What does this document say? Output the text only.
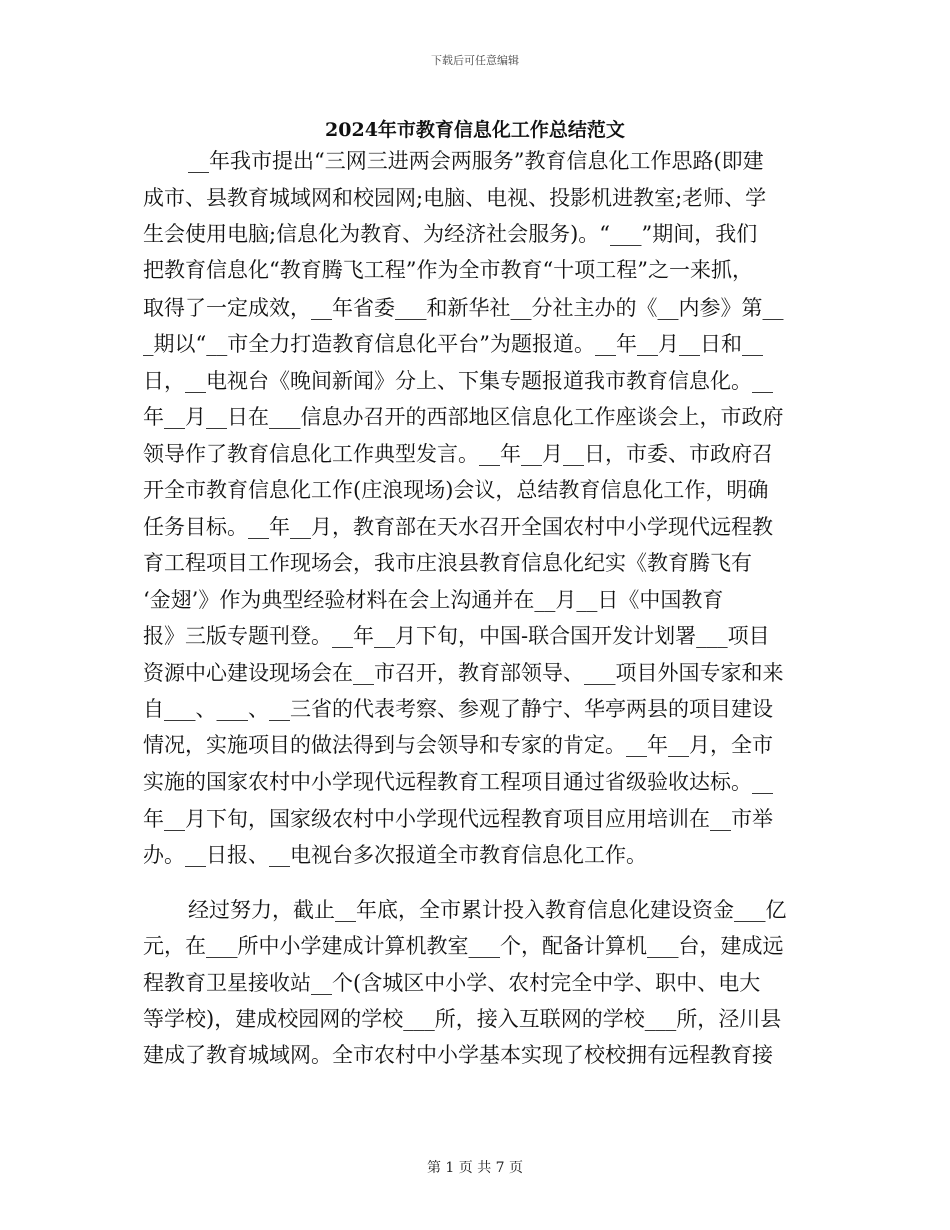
下载后可任意编辑
2024年市教育信息化工作总结范文
__年我市提出“三网三进两会两服务”教育信息化工作思路(即建
成市、县教育城域网和校园网;电脑、电视、投影机进教室;老师、学
生会使用电脑;信息化为教育、为经济社会服务)。“___”期间，我们
把教育信息化“教育腾飞工程”作为全市教育“十项工程”之一来抓，
取得了一定成效，__年省委___和新华社__分社主办的《__内参》第__
_期以“__市全力打造教育信息化平台”为题报道。__年__月__日和__
日，__电视台《晚间新闻》分上、下集专题报道我市教育信息化。__
年__月__日在___信息办召开的西部地区信息化工作座谈会上，市政府
领导作了教育信息化工作典型发言。__年__月__日，市委、市政府召
开全市教育信息化工作(庄浪现场)会议，总结教育信息化工作，明确
任务目标。__年__月，教育部在天水召开全国农村中小学现代远程教
育工程项目工作现场会，我市庄浪县教育信息化纪实《教育腾飞有
‘金翅’》作为典型经验材料在会上沟通并在__月__日《中国教育
报》三版专题刊登。__年__月下旬，中国-联合国开发计划署___项目
资源中心建设现场会在__市召开，教育部领导、___项目外国专家和来
自___、___、__三省的代表考察、参观了静宁、华亭两县的项目建设
情况，实施项目的做法得到与会领导和专家的肯定。__年__月，全市
实施的国家农村中小学现代远程教育工程项目通过省级验收达标。__
年__月下旬，国家级农村中小学现代远程教育项目应用培训在__市举
办。__日报、__电视台多次报道全市教育信息化工作。
经过努力，截止__年底，全市累计投入教育信息化建设资金___亿
元，在___所中小学建成计算机教室___个，配备计算机___台，建成远
程教育卫星接收站__个(含城区中小学、农村完全中学、职中、电大
等学校)，建成校园网的学校___所，接入互联网的学校___所，泾川县
建成了教育城域网。全市农村中小学基本实现了校校拥有远程教育接
第 1 页 共 7 页
